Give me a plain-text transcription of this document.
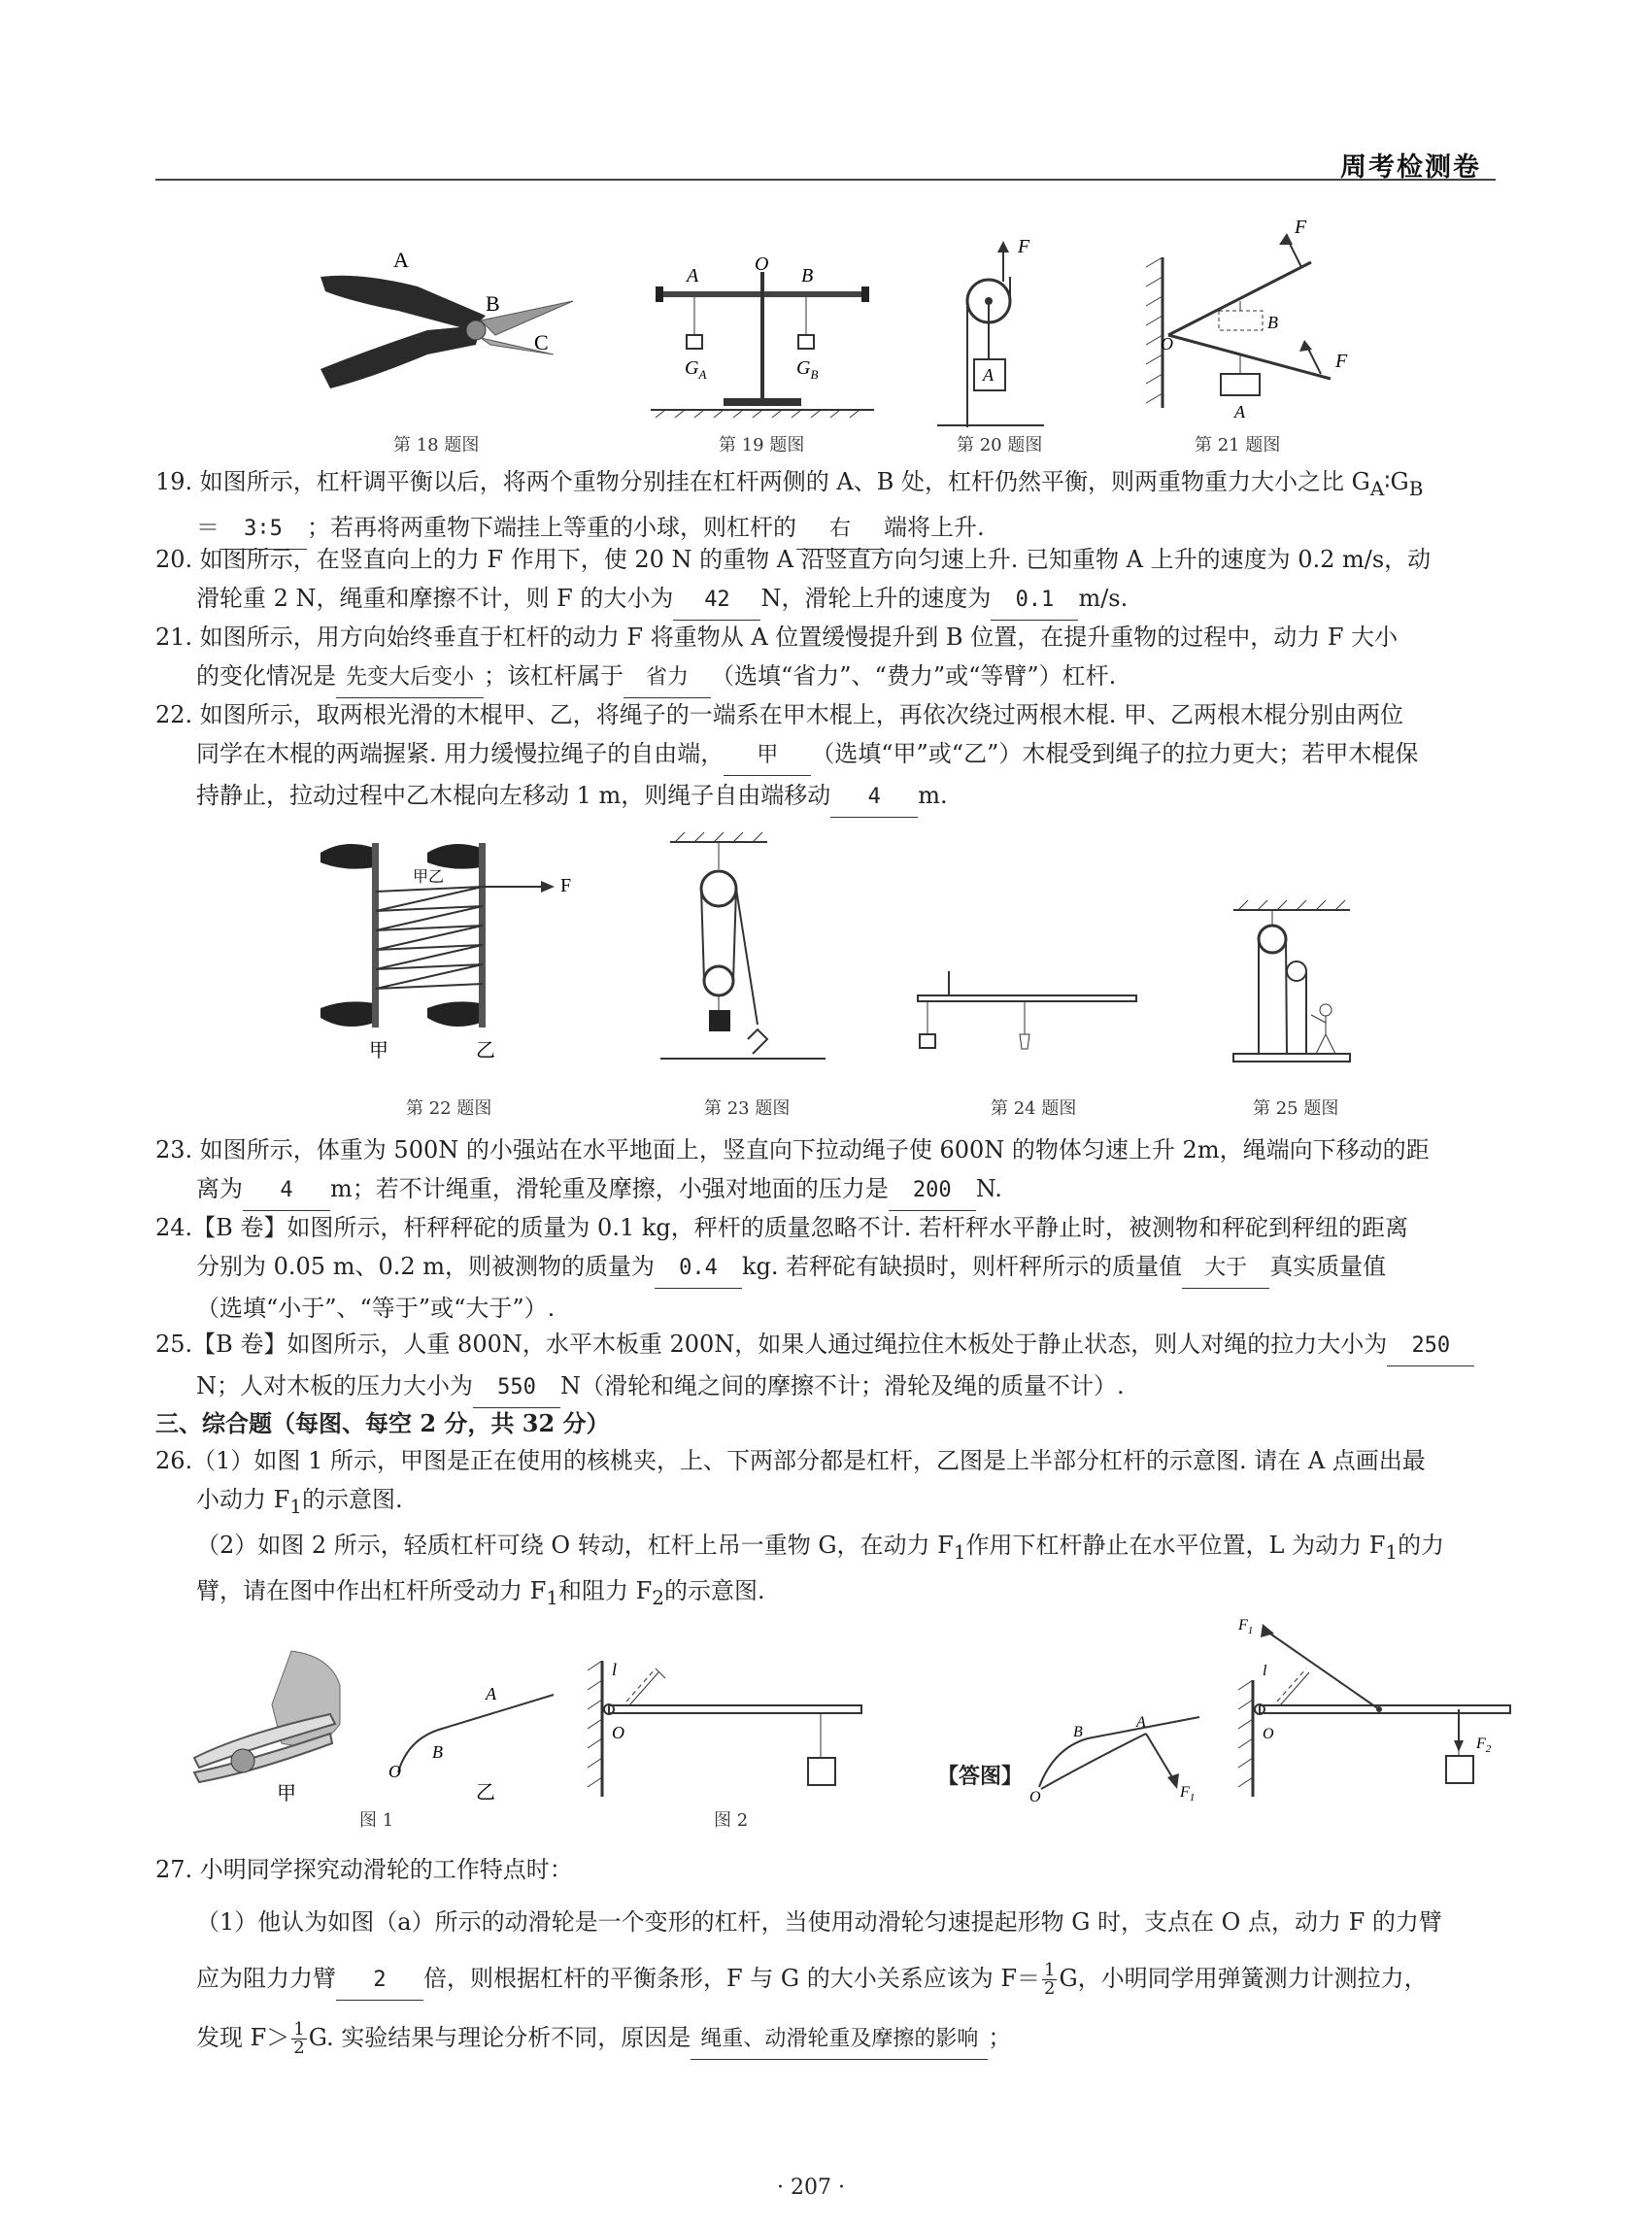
周考检测卷
A
B
C
第 18 题图
A
O
B
$G_A$	$G_B$
第 19 题图
F
A
第 20 题图
F
B
O
F
A
第 21 题图
19. 如图所示，杠杆调平衡以后，将两个重物分别挂在杠杆两侧的 A、B 处，杠杆仍然平衡，则两重物重力大小之比 $G_A∶G_B$
＝ 3∶5 ；若再将两重物下端挂上等重的小球，则杠杆的 右 端将上升.
20. 如图所示，在竖直向上的力 F 作用下，使 20 N 的重物 A 沿竖直方向匀速上升. 已知重物 A 上升的速度为 0.2 m/s，动
滑轮重 2 N，绳重和摩擦不计，则 F 的大小为 42 N，滑轮上升的速度为 0.1 m/s.
21. 如图所示，用方向始终垂直于杠杆的动力 F 将重物从 A 位置缓慢提升到 B 位置，在提升重物的过程中，动力 F 大小
的变化情况是 先变大后变小 ；该杠杆属于 省力 （选填“省力”、“费力”或“等臂”）杠杆.
22. 如图所示，取两根光滑的木棍甲、乙，将绳子的一端系在甲木棍上，再依次绕过两根木棍. 甲、乙两根木棍分别由两位
同学在木棍的两端握紧. 用力缓慢拉绳子的自由端， 甲 （选填“甲”或“乙”）木棍受到绳子的拉力更大；若甲木棍保
持静止，拉动过程中乙木棍向左移动 1 m，则绳子自由端移动 4 m.
甲乙	F
甲	乙
第 22 题图	第 23 题图	第 24 题图	第 25 题图
23. 如图所示，体重为 500N 的小强站在水平地面上，竖直向下拉动绳子使 600N 的物体匀速上升 2m，绳端向下移动的距
离为 4 m；若不计绳重，滑轮重及摩擦，小强对地面的压力是 200 N.
24.【B 卷】如图所示，杆秤秤砣的质量为 0.1 kg，秤杆的质量忽略不计. 若杆秤水平静止时，被测物和秤砣到秤纽的距离
分别为 0.05 m、0.2 m，则被测物的质量为 0.4 kg. 若秤砣有缺损时，则杆秤所示的质量值 大于 真实质量值
（选填“小于”、“等于”或“大于”）.
25.【B 卷】如图所示，人重 800N，水平木板重 200N，如果人通过绳拉住木板处于静止状态，则人对绳的拉力大小为 250
N；人对木板的压力大小为 550 N（滑轮和绳之间的摩擦不计；滑轮及绳的质量不计）.
三、综合题（每图、每空 2 分，共 32 分）
26.（1）如图 1 所示，甲图是正在使用的核桃夹，上、下两部分都是杠杆，乙图是上半部分杠杆的示意图. 请在 A 点画出最
小动力 $F_1$的示意图.
（2）如图 2 所示，轻质杠杆可绕 O 转动，杠杆上吊一重物 G，在动力 $F_1$作用下杠杆静止在水平位置，L 为动力 $F_1$的力
臂，请在图中作出杠杆所受动力 $F_1$和阻力 $F_2$的示意图.
甲
A
B
O
乙
图 1
l
O
图 2
【答图】
B
A
O	$F_1$
$F_1$
l
O
$F_2$
27. 小明同学探究动滑轮的工作特点时：
（1）他认为如图（a）所示的动滑轮是一个变形的杠杆，当使用动滑轮匀速提起形物 G 时，支点在 O 点，动力 F 的力臂
应为阻力力臂 2 倍，则根据杠杆的平衡条形，F 与 G 的大小关系应该为 $F= \frac{1}{2}$ G，小明同学用弹簧测力计测拉力，
发现 $F> \frac{1}{2} G$. 实验结果与理论分析不同，原因是 绳重、动滑轮重及摩擦的影响 ；
· 207 ·
